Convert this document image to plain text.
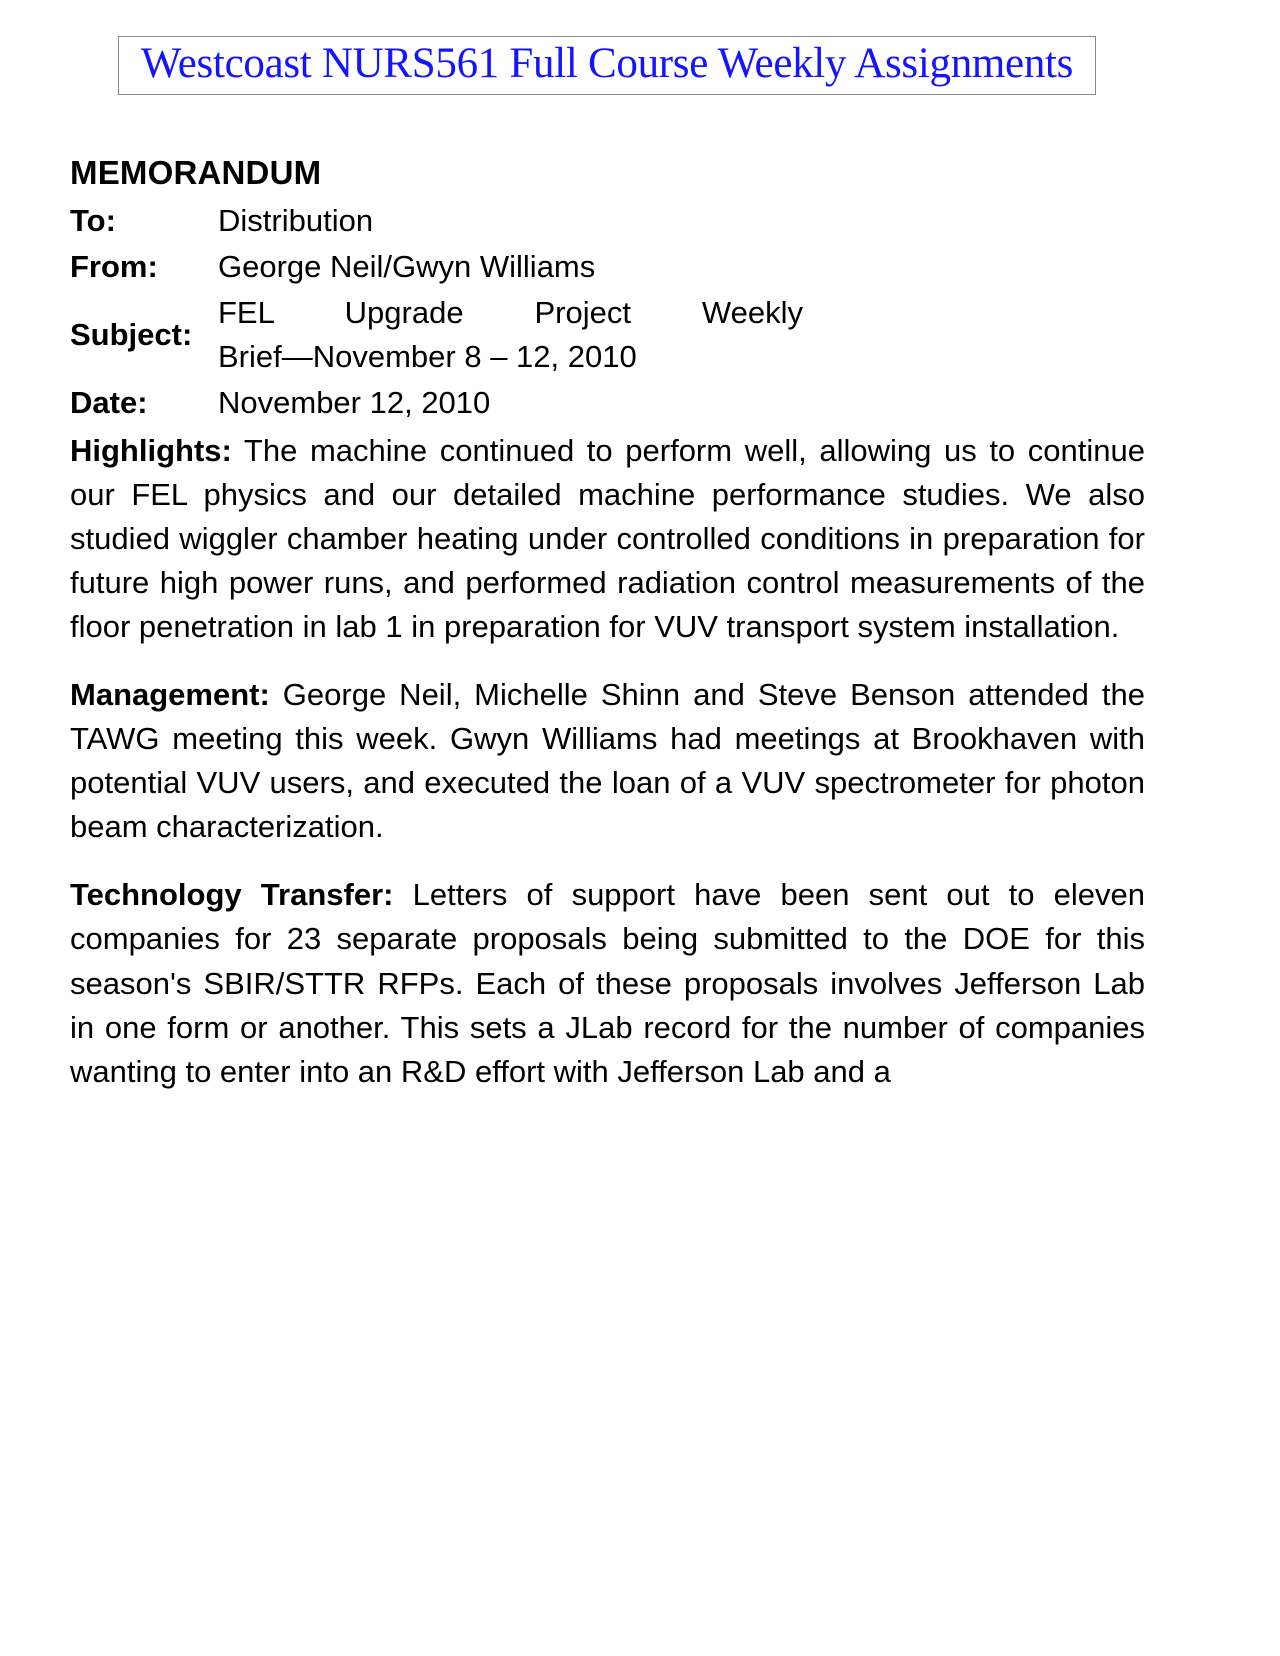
Westcoast NURS561 Full Course Weekly Assignments
MEMORANDUM
To:	Distribution
From:	George Neil/Gwyn Williams
Subject:
FEL Upgrade Project Weekly
Brief—November 8 – 12, 2010
Date:	November 12, 2010

Highlights: The machine continued to perform well, allowing us to continue our FEL physics and our detailed machine performance studies. We also studied wiggler chamber heating under controlled conditions in preparation for future high power runs, and performed radiation control measurements of the floor penetration in lab 1 in preparation for VUV transport system installation.

Management: George Neil, Michelle Shinn and Steve Benson attended the TAWG meeting this week. Gwyn Williams had meetings at Brookhaven with potential VUV users, and executed the loan of a VUV spectrometer for photon beam characterization.

Technology Transfer: Letters of support have been sent out to eleven companies for 23 separate proposals being submitted to the DOE for this season's SBIR/STTR RFPs. Each of these proposals involves Jefferson Lab in one form or another. This sets a JLab record for the number of companies wanting to enter into an R&D effort with Jefferson Lab and a
